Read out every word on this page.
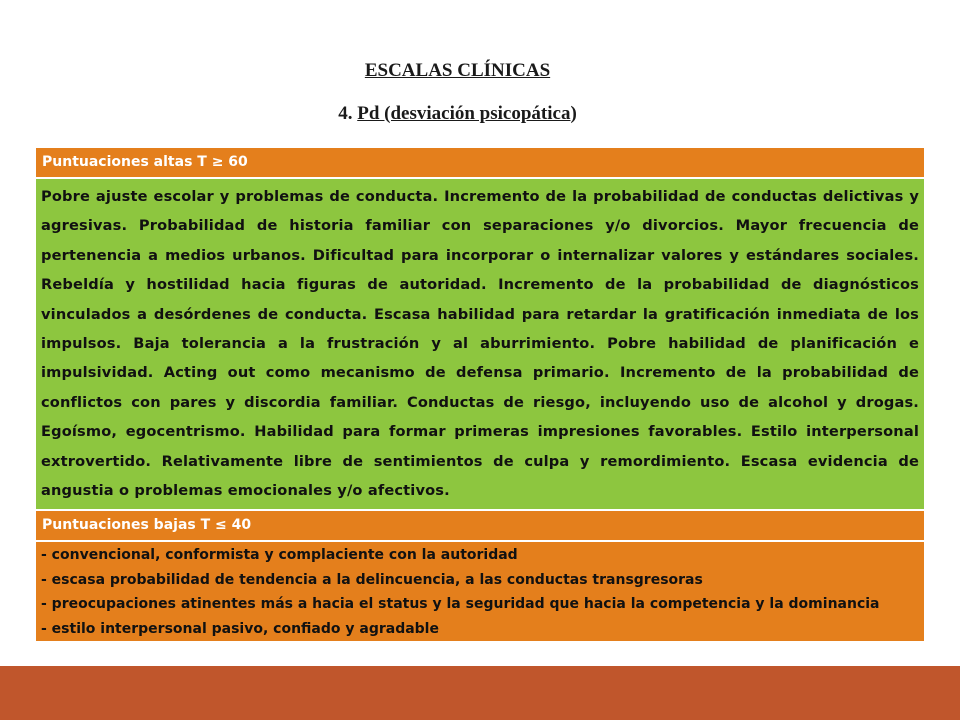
ESCALAS CLÍNICAS
4. Pd (desviación psicopática)
Puntuaciones altas T ≥ 60
Pobre ajuste escolar y problemas de conducta. Incremento de la probabilidad de conductas delictivas y agresivas. Probabilidad de historia familiar con separaciones y/o divorcios. Mayor frecuencia de pertenencia a medios urbanos. Dificultad para incorporar o internalizar valores y estándares sociales. Rebeldía y hostilidad hacia figuras de autoridad. Incremento de la probabilidad de diagnósticos vinculados a desórdenes de conducta. Escasa habilidad para retardar la gratificación inmediata de los impulsos. Baja tolerancia a la frustración y al aburrimiento. Pobre habilidad de planificación e impulsividad. Acting out como mecanismo de defensa primario. Incremento de la probabilidad de conflictos con pares y discordia familiar. Conductas de riesgo, incluyendo uso de alcohol y drogas. Egoísmo, egocentrismo. Habilidad para formar primeras impresiones favorables. Estilo interpersonal extrovertido. Relativamente libre de sentimientos de culpa y remordimiento. Escasa evidencia de angustia o problemas emocionales y/o afectivos.
Puntuaciones bajas T ≤ 40

- convencional, conformista y complaciente con la autoridad

- escasa probabilidad de tendencia a la delincuencia, a las conductas transgresoras

- preocupaciones atinentes más a hacia el status y la seguridad que hacia la competencia y la dominancia

- estilo interpersonal pasivo, confiado y agradable
